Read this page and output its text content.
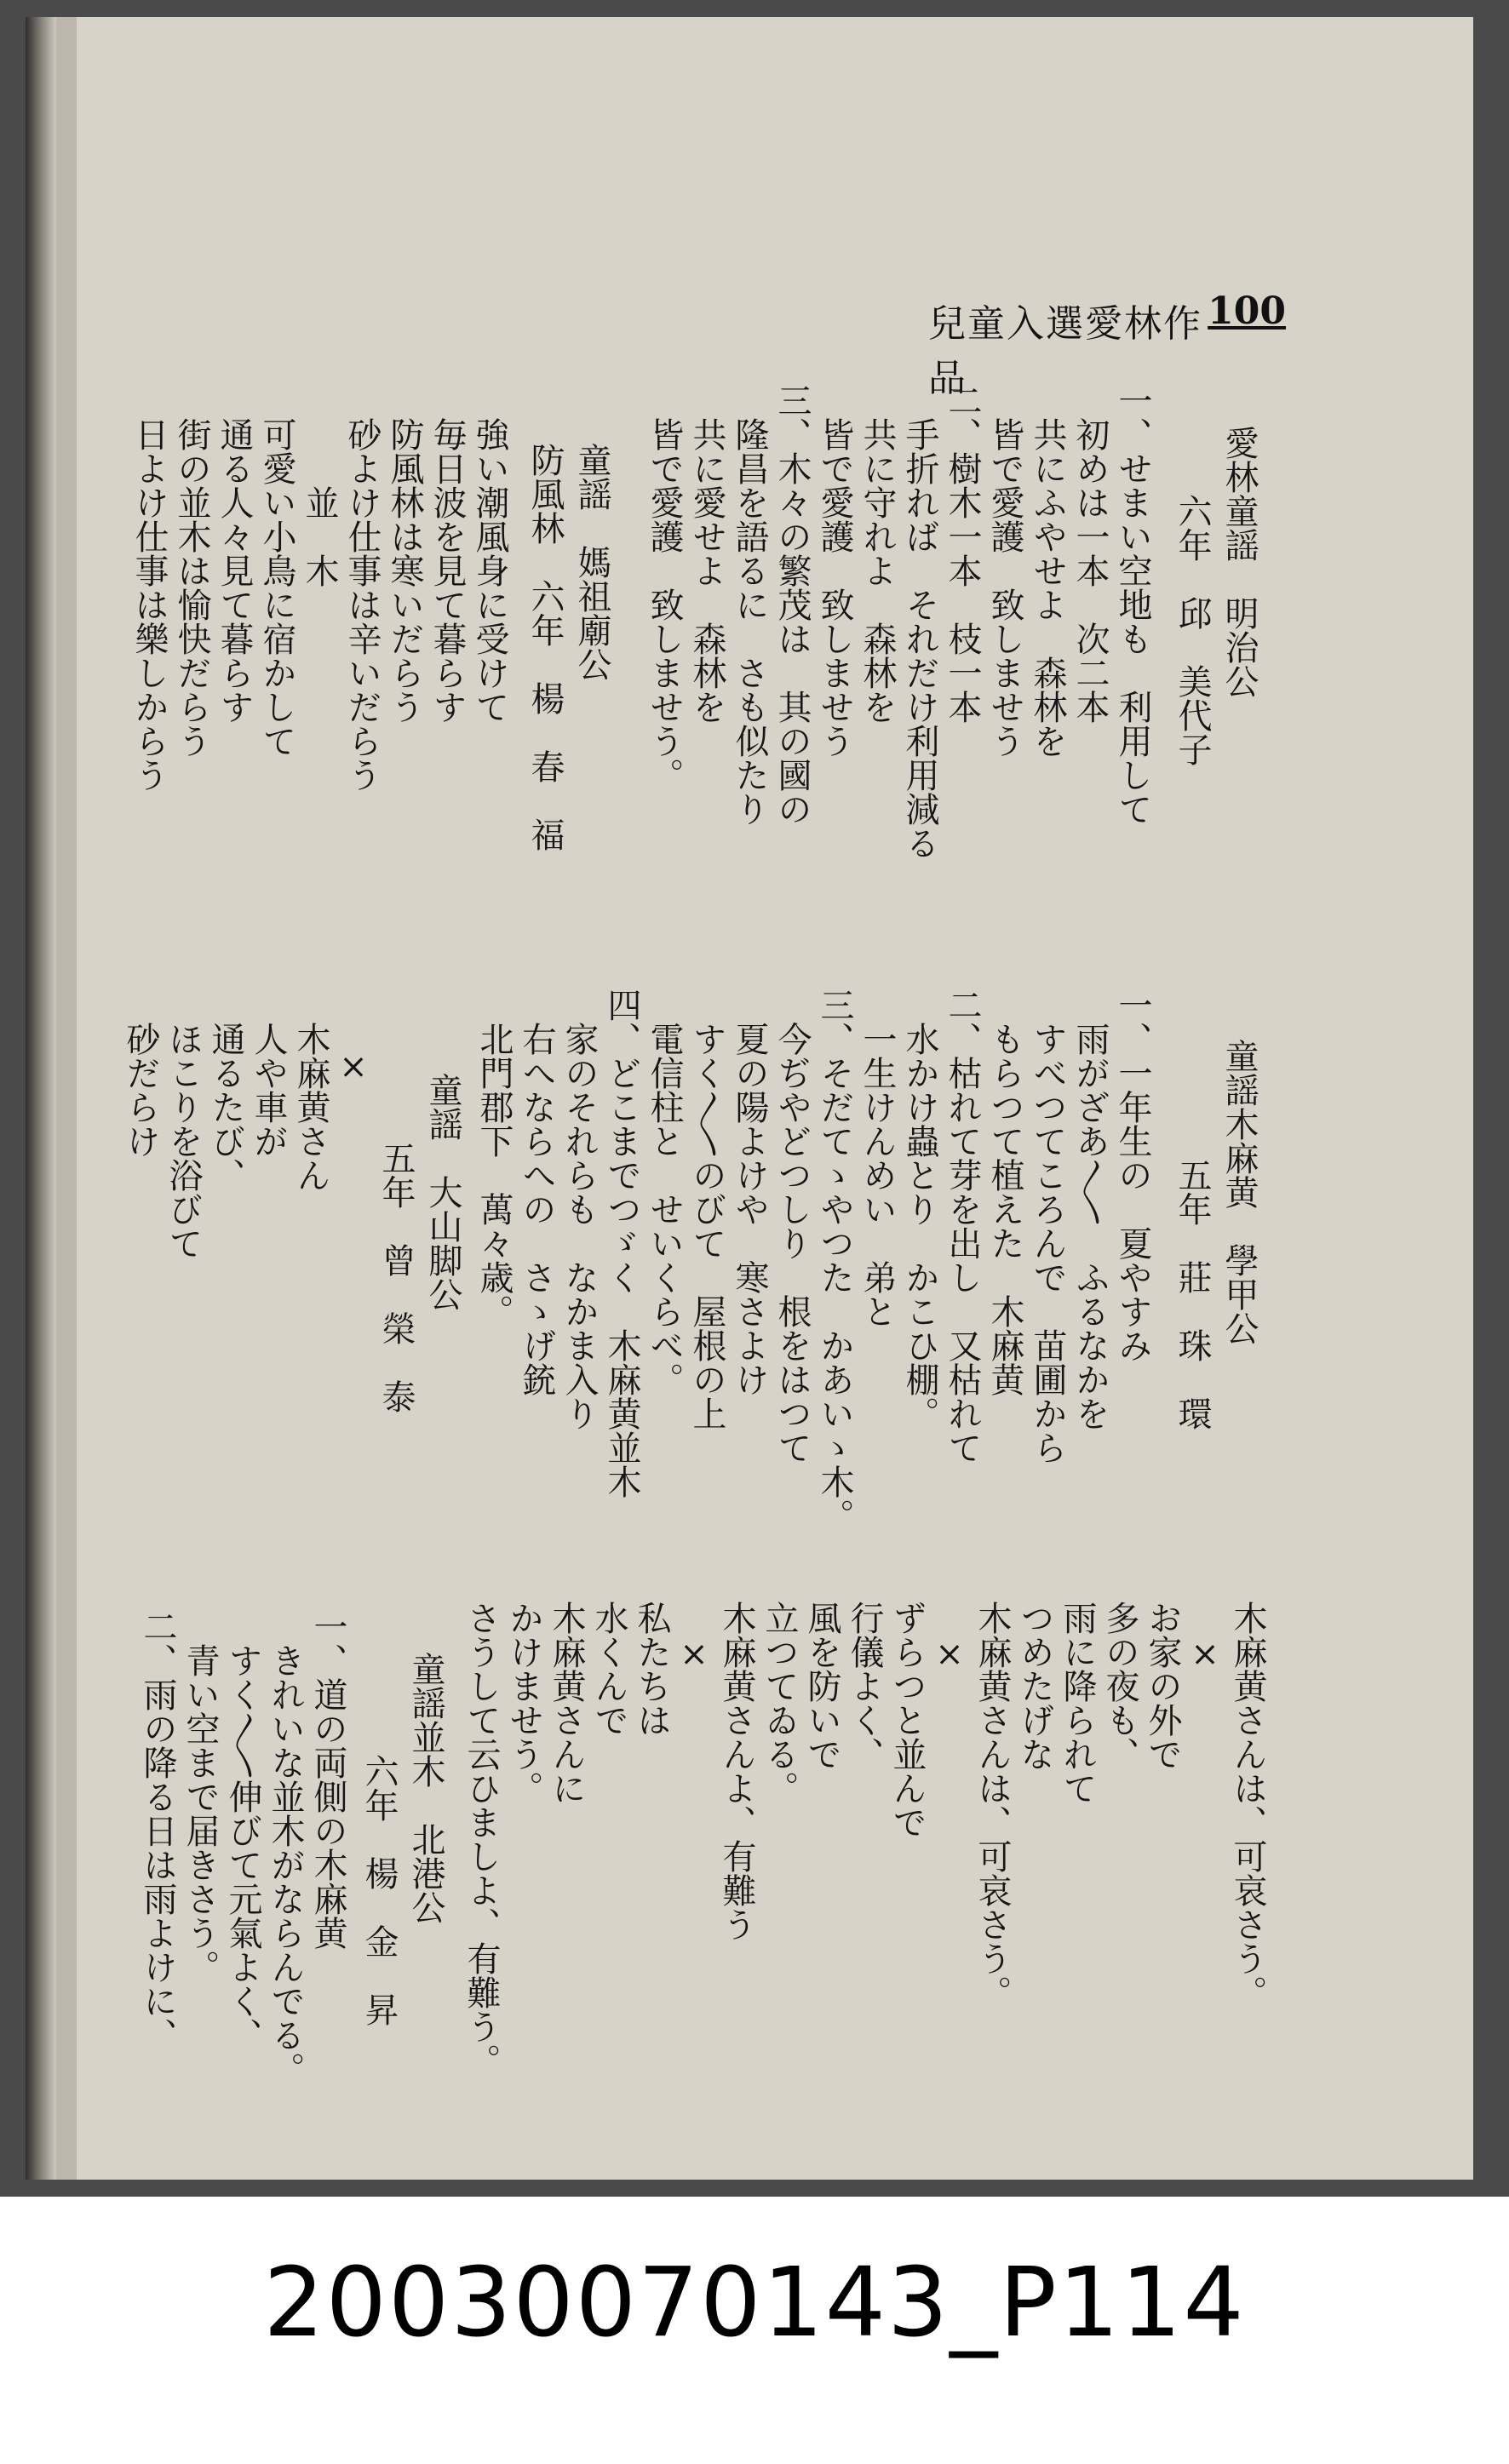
兒童入選愛林作品
100
愛林童謡　明治公
六年　邱　美代子
一、せまい空地も　利用して
　初めは一本　次二本
　共にふやせよ　森林を
　皆で愛護　致しませう
二、樹木一本　枝一本
　手折れば　それだけ利用減る
　共に守れよ　森林を
　皆で愛護　致しませう
三、木々の繁茂は　其の國の
　隆昌を語るに　さも似たり
　共に愛せよ　森林を
　皆で愛護　致しませう。
童謡　媽祖廟公
防風林　六年　楊　春　福
強い潮風身に受けて
毎日波を見て暮らす
防風林は寒いだらう
砂よけ仕事は辛いだらう
　　並　木
可愛い小鳥に宿かして
通る人々見て暮らす
街の並木は愉快だらう
日よけ仕事は樂しからう
童謡木麻黄　學甲公
五年　莊　珠　環
一、一年生の　夏やすみ
　雨がざあ〳〵　ふるなかを
　すべつてころんで　苗圃から
　もらつて植えた　木麻黄
二、枯れて芽を出し　又枯れて
　水かけ蟲とり　かこひ棚。
　一生けんめい　弟と
三、そだてゝやつた　かあいゝ木。
　今ぢやどつしり　根をはつて
　夏の陽よけや　寒さよけ
　すく〳〵のびて　屋根の上
　電信柱と　せいくらべ。
四、どこまでつゞく　木麻黄並木
　家のそれらも　なかま入り
　右へならへの　さゝげ銃
　北門郡下　萬々歳。
童謡　大山脚公
五年　曾　榮　泰
×
木麻黄さん
人や車が
通るたび、
ほこりを浴びて
砂だらけ
木麻黄さんは、可哀さう。
　×
お家の外で
多の夜も、
雨に降られて
つめたげな
木麻黄さんは、可哀さう。
　×
ずらつと並んで
行儀よく、
風を防いで
立つてゐる。
木麻黄さんよ、有難う
　×
私たちは
水くんで
木麻黄さんに
かけませう。
さうして云ひましよ、有難う。
童謡並木　北港公
六年　楊　金　昇
一、道の両側の木麻黄
　きれいな並木がならんでる。
　すく〳〵伸びて元氣よく、
　青い空まで届きさう。
二、雨の降る日は雨よけに、
20030070143_P114
